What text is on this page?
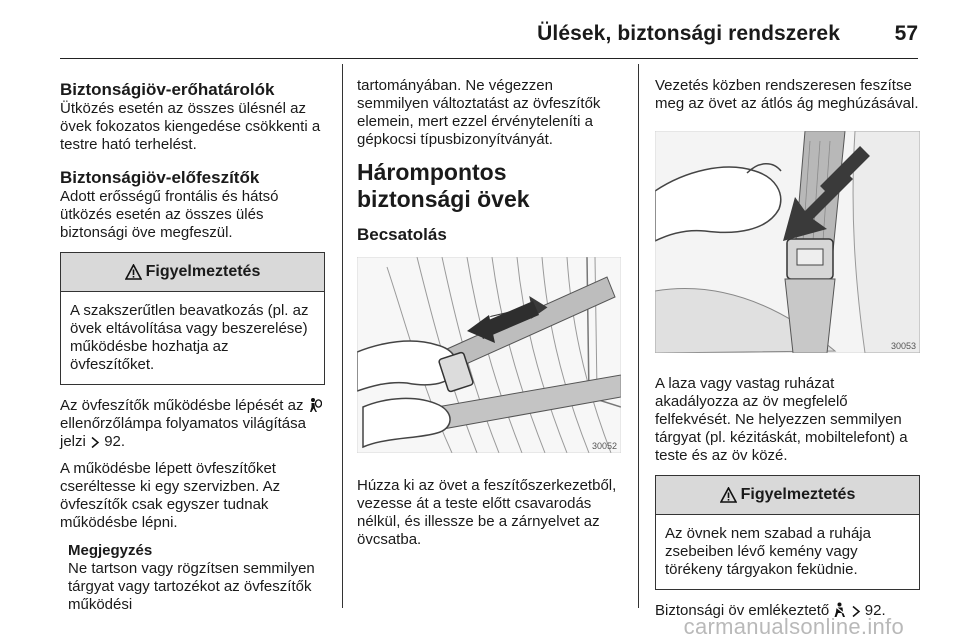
Ülések, biztonsági rendszerek	57
Biztonságiöv-erőhatárolók

Ütközés esetén az összes ülésnél az övek fokozatos kiengedése csökkenti a testre ható terhelést.

Biztonságiöv-előfeszítők

Adott erősségű frontális és hátsó ütközés esetén az összes ülés biztonsági öve megfeszül.

Figyelmeztetés
A szakszerűtlen beavatkozás (pl. az övek eltávolítása vagy beszerelése) működésbe hozhatja az övfeszítőket.

Az övfeszítők működésbe lépését az  ellenőrzőlámpa folyamatos világítása jelzi 92.

A működésbe lépett övfeszítőket cseréltesse ki egy szervizben. Az övfeszítők csak egyszer tudnak működésbe lépni.

Megjegyzés

Ne tartson vagy rögzítsen semmilyen tárgyat vagy tartozékot az övfeszítők működési

tartományában. Ne végezzen semmilyen változtatást az övfeszítők elemein, mert ezzel érvényteleníti a gépkocsi típusbizonyítványát.

Hárompontos biztonsági övek
Becsatolás
30052

Húzza ki az övet a feszítőszerkezetből, vezesse át a teste előtt csavarodás nélkül, és illessze be a zárnyelvet az övcsatba.

Vezetés közben rendszeresen feszítse meg az övet az átlós ág meghúzásával.

30053

A laza vagy vastag ruházat akadályozza az öv megfelelő felfekvését. Ne helyezzen semmilyen tárgyat (pl. kézitáskát, mobiltelefont) a teste és az öv közé.

Figyelmeztetés
Az övnek nem szabad a ruhája zsebeiben lévő kemény vagy törékeny tárgyakon feküdnie.

Biztonsági öv emlékeztető 92.

carmanualsonline.info
